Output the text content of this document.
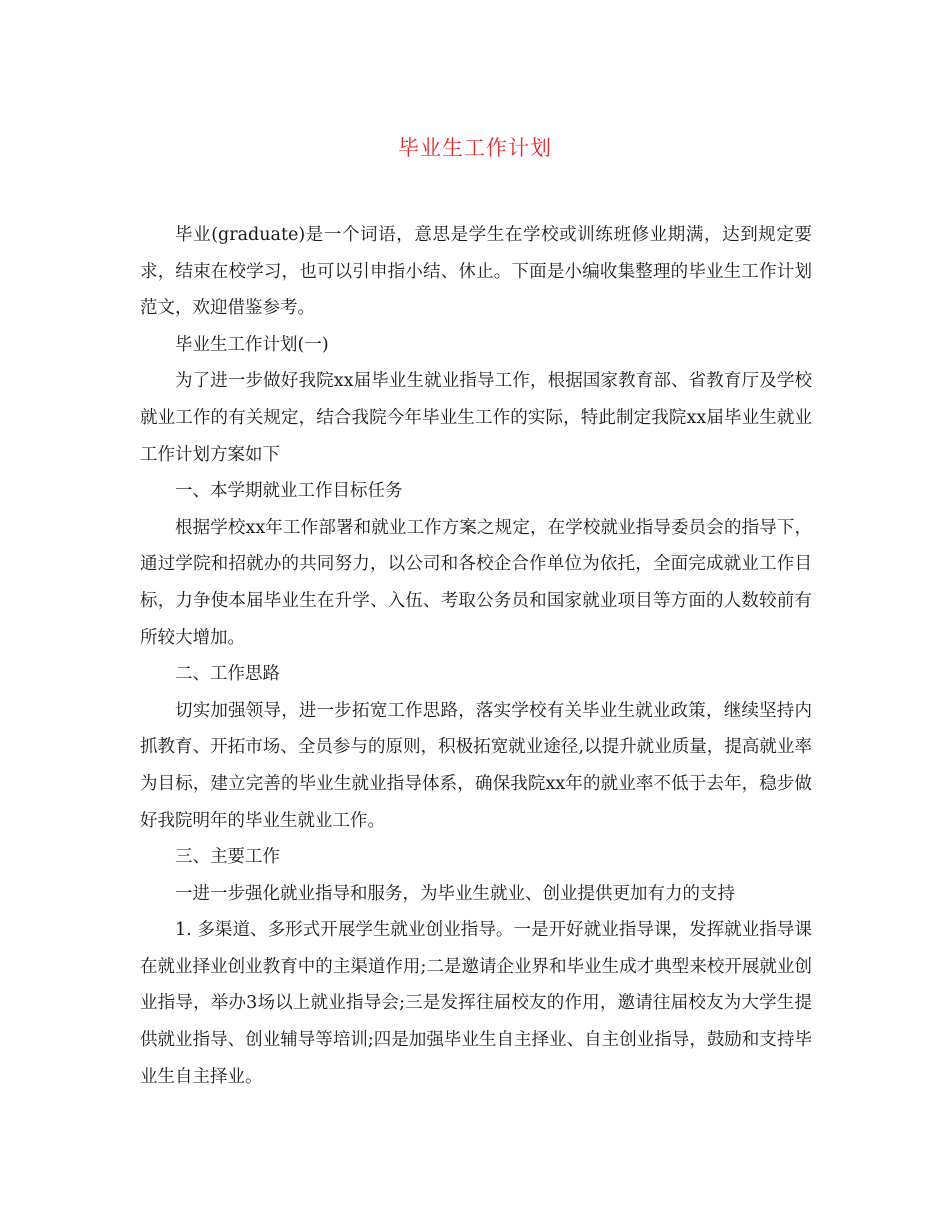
毕业生工作计划

毕业(graduate)是一个词语，意思是学生在学校或训练班修业期满，达到规定要求，结束在校学习，也可以引申指小结、休止。下面是小编收集整理的毕业生工作计划范文，欢迎借鉴参考。

毕业生工作计划(一)

为了进一步做好我院xx届毕业生就业指导工作，根据国家教育部、省教育厅及学校就业工作的有关规定，结合我院今年毕业生工作的实际，特此制定我院xx届毕业生就业工作计划方案如下

一、本学期就业工作目标任务

根据学校xx年工作部署和就业工作方案之规定，在学校就业指导委员会的指导下，通过学院和招就办的共同努力，以公司和各校企合作单位为依托，全面完成就业工作目标，力争使本届毕业生在升学、入伍、考取公务员和国家就业项目等方面的人数较前有所较大增加。

二、工作思路

切实加强领导，进一步拓宽工作思路，落实学校有关毕业生就业政策，继续坚持内抓教育、开拓市场、全员参与的原则，积极拓宽就业途径,以提升就业质量，提高就业率为目标，建立完善的毕业生就业指导体系，确保我院xx年的就业率不低于去年，稳步做好我院明年的毕业生就业工作。

三、主要工作

一进一步强化就业指导和服务，为毕业生就业、创业提供更加有力的支持

1. 多渠道、多形式开展学生就业创业指导。一是开好就业指导课，发挥就业指导课在就业择业创业教育中的主渠道作用;二是邀请企业界和毕业生成才典型来校开展就业创业指导，举办3场以上就业指导会;三是发挥往届校友的作用，邀请往届校友为大学生提供就业指导、创业辅导等培训;四是加强毕业生自主择业、自主创业指导，鼓励和支持毕业生自主择业。
